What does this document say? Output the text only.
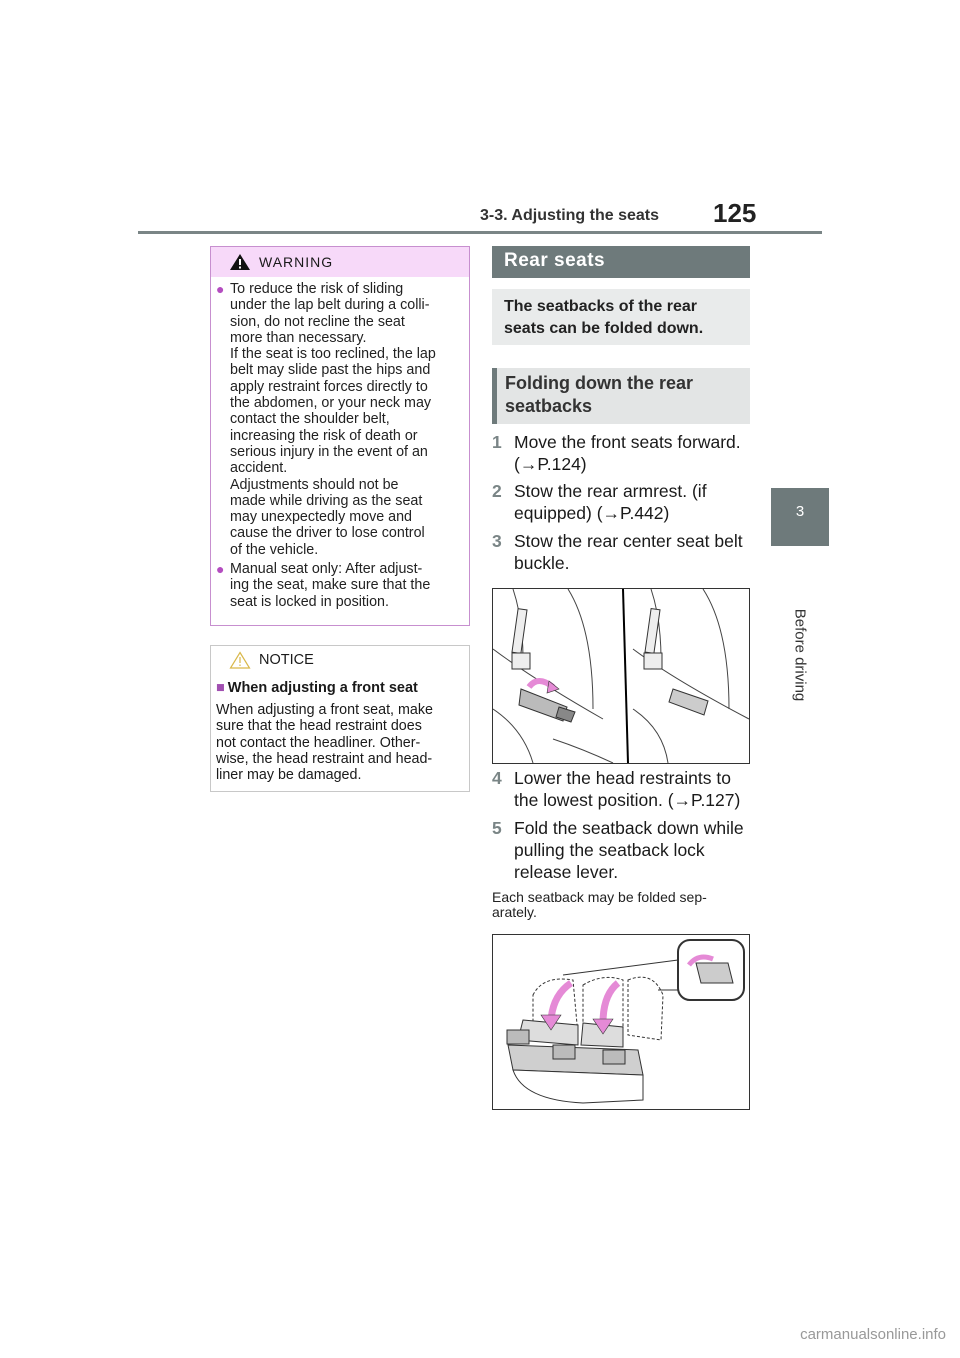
3-3. Adjusting the seats 125
3
Before driving
WARNING
● To reduce the risk of sliding
under the lap belt during a colli-
sion, do not recline the seat
more than necessary.
If the seat is too reclined, the lap
belt may slide past the hips and
apply restraint forces directly to
the abdomen, or your neck may
contact the shoulder belt,
increasing the risk of death or
serious injury in the event of an
accident.
Adjustments should not be
made while driving as the seat
may unexpectedly move and
cause the driver to lose control
of the vehicle.
● Manual seat only: After adjust-
ing the seat, make sure that the
seat is locked in position.
NOTICE
■ When adjusting a front seat
When adjusting a front seat, make
sure that the head restraint does
not contact the headliner. Other-
wise, the head restraint and head-
liner may be damaged.
Rear seats
The seatbacks of the rear
seats can be folded down.
Folding down the rear
seatbacks
1 Move the front seats forward.
(→P.124)
2 Stow the rear armrest. (if
equipped) (→P.442)
3 Stow the rear center seat belt
buckle.
4 Lower the head restraints to
the lowest position. (→P.127)
5 Fold the seatback down while
pulling the seatback lock
release lever.
Each seatback may be folded sep-
arately.
carmanualsonline.info
